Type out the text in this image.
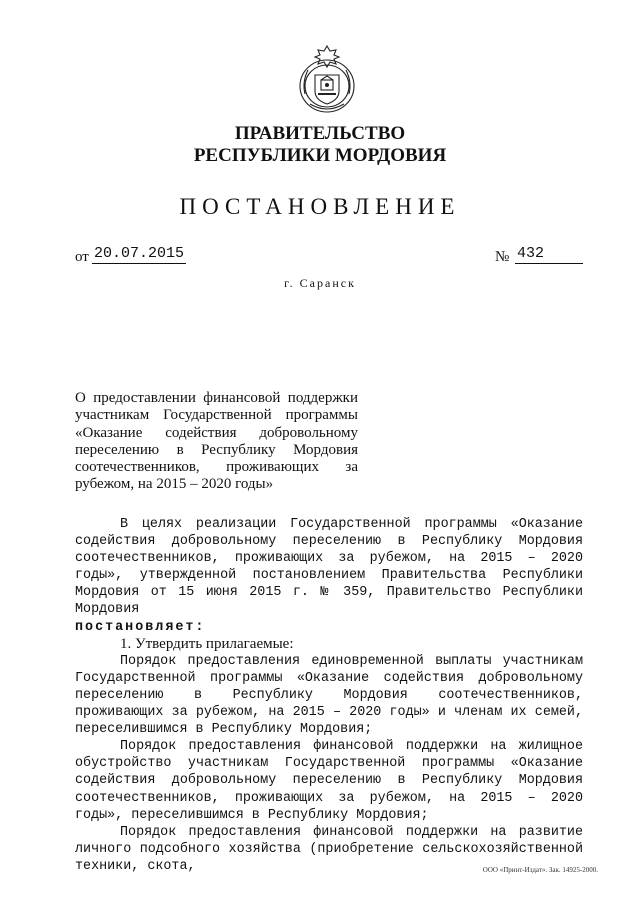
ПРАВИТЕЛЬСТВО
РЕСПУБЛИКИ МОРДОВИЯ
ПОСТАНОВЛЕНИЕ
от 20.07.2015	№ 432
г. Саранск

О предоставлении финансовой поддержки участникам Государственной программы «Оказание содействия добровольному переселению в Республику Мордовия соотечественников, проживающих за рубежом, на 2015 – 2020 годы»

В целях реализации Государственной программы «Оказание содействия добровольному переселению в Республику Мордовия соотечественников, проживающих за рубежом, на 2015 – 2020 годы», утвержденной постановлением Правительства Республики Мордовия от 15 июня 2015 г. № 359, Правительство Республики Мордовия
постановляет:

1. Утвердить прилагаемые:

Порядок предоставления единовременной выплаты участникам Государственной программы «Оказание содействия добровольному переселению в Республику Мордовия соотечественников, проживающих за рубежом, на 2015 – 2020 годы» и членам их семей, переселившимся в Республику Мордовия;

Порядок предоставления финансовой поддержки на жилищное обустройство участникам Государственной программы «Оказание содействия добровольному переселению в Республику Мордовия соотечественников, проживающих за рубежом, на 2015 – 2020 годы», переселившимся в Республику Мордовия;

Порядок предоставления финансовой поддержки на развитие личного подсобного хозяйства (приобретение сельскохозяйственной техники, скота,	ООО «Принт-Издат». Зак. 14925-2000.
